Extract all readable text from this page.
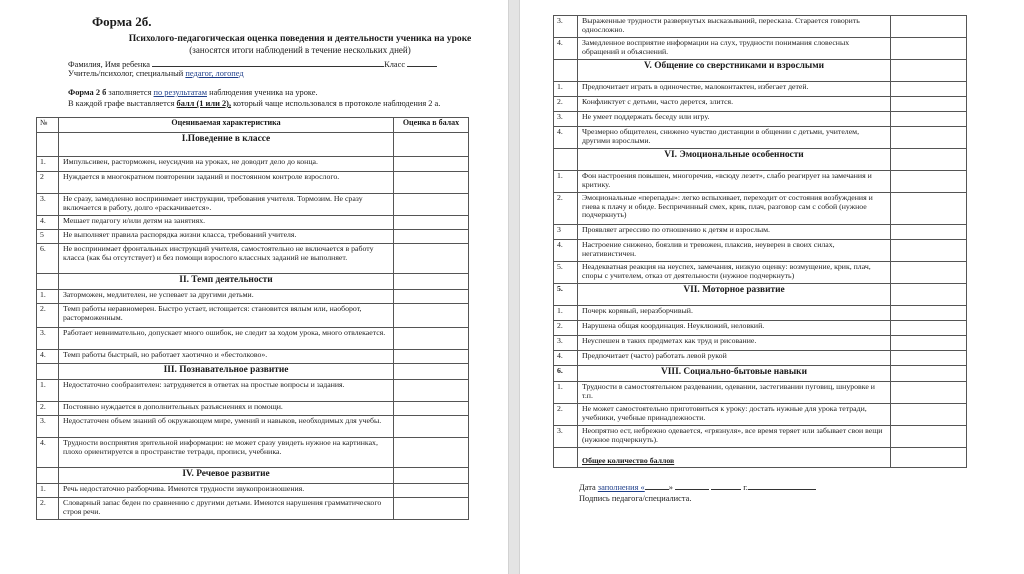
Форма 2б.
Психолого-педагогическая оценка поведения и деятельности ученика на уроке
(заносятся итоги наблюдений в течение нескольких дней)
Фамилия, Имя ребенка	Класс
Учитель/психолог, специальный педагог, логопед
Форма 2 б заполняется по результатам наблюдения ученика на уроке.
В каждой графе выставляется балл (1 или 2), который чаще использовался в протоколе наблюдения 2 а.
№	Оцениваемая характеристика	Оценка в балах
	I.Поведение в классе	
1.	Импульсивен, расторможен, неусидчив на уроках, не доводит дело до конца.	
2	Нуждается в многократном повторении заданий и постоянном контроле взрослого.	
3.	Не сразу, замедленно воспринимает инструкции, требования учителя. Тормозим. Не сразу включается в работу, долго «раскачивается».	
4.	Мешает педагогу и/или детям на занятиях.	
5	Не выполняет правила распорядка жизни класса, требований учителя.	
6.	Не воспринимает фронтальных инструкций учителя, самостоятельно не включается в работу класса (как бы отсутствует) и без помощи взрослого классных заданий не выполняет.	
	II. Темп деятельности	
1.	Заторможен, медлителен, не успевает за другими детьми.	
2.	Темп работы неравномерен. Быстро устает, истощается: становится вялым или, наоборот, расторможенным.	
3.	Работает невнимательно, допускает много ошибок, не следит за ходом урока, много отвлекается.	
4.	Темп работы быстрый, но работает хаотично и «бестолково».	
	III. Познавательное развитие	
1.	Недостаточно сообразителен: затрудняется в ответах на простые вопросы и задания.	
2.	Постоянно нуждается в дополнительных разъяснениях и помощи.	
3.	Недостаточен объем знаний об окружающем мире, умений и навыков, необходимых для учебы.	
4.	Трудности восприятия зрительной информации: не может сразу увидеть нужное на картинках, плохо ориентируется в пространстве тетради, прописи, учебника.	
	IV. Речевое развитие	
1.	Речь недостаточно разборчива. Имеются трудности звукопроизношения.	
2.	Словарный запас беден по сравнению с другими детьми. Имеются нарушения грамматического строя речи.	
3.	Выраженные трудности развернутых высказываний, пересказа. Старается говорить односложно.	
4.	Замедленное восприятие информации на слух, трудности понимания словесных обращений и объяснений.	
	V. Общение со сверстниками и взрослыми	
1.	Предпочитает играть в одиночестве, малоконтактен, избегает детей.	
2.	Конфликтует с детьми, часто дерется, злится.	
3.	Не умеет поддержать беседу или игру.	
4.	Чрезмерно общителен, снижено чувство дистанции в общении с детьми, учителем, другими взрослыми.	
	VI. Эмоциональные особенности	
1.	Фон настроения повышен, многоречив, «всюду лезет», слабо реагирует на замечания и критику.	
2.	Эмоциональные «перепады»: легко вспыхивает, переходит от состояния возбуждения и гнева к плачу и обиде. Беспричинный смех, крик, плач, разговор сам с собой (нужное подчеркнуть)	
3	Проявляет агрессию по отношению к детям и взрослым.	
4.	Настроение снижено, боязлив и тревожен, плаксив, неуверен в своих силах, негативистичен.	
5.	Неадекватная реакция на неуспех, замечания, низкую оценку: возмущение, крик, плач, споры с учителем, отказ от деятельности (нужное подчеркнуть)	
5.	VII. Моторное развитие	
1.	Почерк корявый, неразборчивый.	
2.	Нарушена общая координация. Неуклюжий, неловкий.	
3.	Неуспешен в таких предметах как труд и рисование.	
4.	Предпочитает (часто) работать левой рукой	
6.	VIII. Социально-бытовые навыки	
1.	Трудности в самостоятельном раздевании, одевании, застегивании пуговиц, шнуровке и т.п.	
2.	Не может самостоятельно приготовиться к уроку: достать нужные для урока тетради, учебники, учебные принадлежности.	
3.	Неопрятно ест, небрежно одевается, «грязнуля», все время теряет или забывает свои вещи (нужное подчеркнуть).	
	Общее количество баллов	
Дата заполнения «	»	г.
Подпись педагога/специалиста.
